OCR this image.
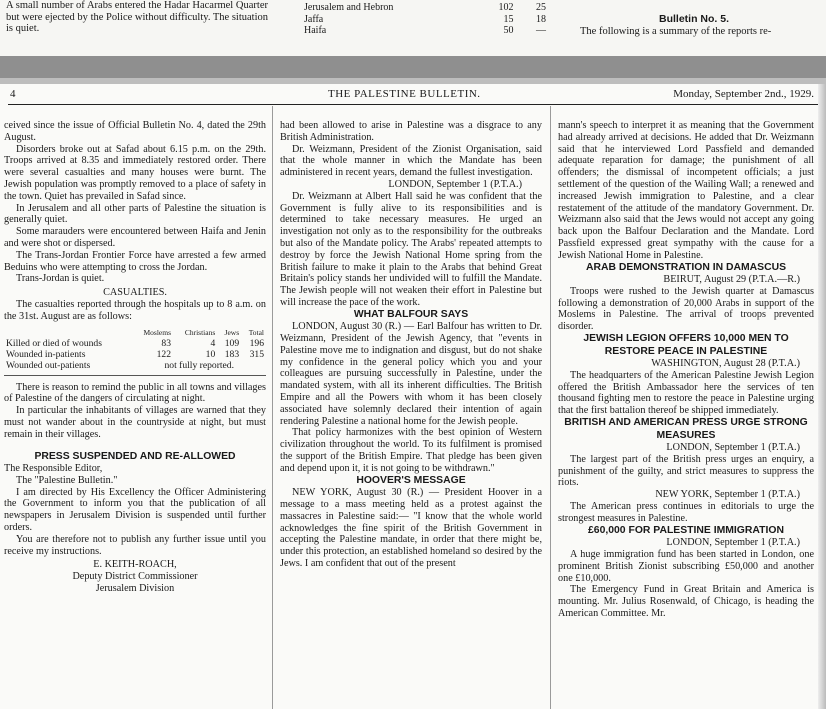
A small number of Arabs entered the Hadar Hacarmel Quarter but were ejected by the Police without difficulty. The situation is quiet.

Jerusalem and Hebron	102	25
Jaffa	15	18
Haifa	50	—

Bulletin No. 5.

The following is a summary of the reports re-

4	THE PALESTINE BULLETIN.	Monday, September 2nd., 1929.

ceived since the issue of Official Bulletin No. 4, dated the 29th August.

Disorders broke out at Safad about 6.15 p.m. on the 29th. Troops arrived at 8.35 and immediately restored order. There were several casualties and many houses were burnt. The Jewish population was promptly removed to a place of safety in the town. Quiet has prevailed in Safad since.

In Jerusalem and all other parts of Palestine the situation is generally quiet.

Some marauders were encountered between Haifa and Jenin and were shot or dispersed.

The Trans-Jordan Frontier Force have arrested a few armed Beduins who were attempting to cross the Jordan.

Trans-Jordan is quiet.

CASUALTIES.

The casualties reported through the hospitals up to 8 a.m. on the 31st. August are as follows:

	Moslems	Christians	Jews	Total
Killed or died of wounds	83	4	109	196
Wounded in-patients	122	10	183	315
Wounded out-patients	not fully reported.			

There is reason to remind the public in all towns and villages of Palestine of the dangers of circulating at night.

In particular the inhabitants of villages are warned that they must not wander about in the countryside at night, but must remain in their villages.

PRESS SUSPENDED AND RE-ALLOWED

The Responsible Editor,

The "Palestine Bulletin."

I am directed by His Excellency the Officer Administering the Government to inform you that the publication of all newspapers in Jerusalem Division is suspended until further orders.

You are therefore not to publish any further issue until you receive my instructions.

E. KEITH-ROACH,

Deputy District Commissioner

Jerusalem Division

had been allowed to arise in Palestine was a disgrace to any British Administration.

Dr. Weizmann, President of the Zionist Organisation, said that the whole manner in which the Mandate has been administered in recent years, demand the fullest investigation.

LONDON, September 1 (P.T.A.)

Dr. Weizmann at Albert Hall said he was confident that the Government is fully alive to its responsibilities and is determined to take necessary measures. He urged an investigation not only as to the responsibility for the outbreaks but also of the Mandate policy. The Arabs' repeated attempts to destroy by force the Jewish National Home spring from the British failure to make it plain to the Arabs that behind Great Britain's policy stands her undivided will to fulfill the Mandate. The Jewish people will not weaken their effort in Palestine but will increase the pace of the work.

WHAT BALFOUR SAYS

LONDON, August 30 (R.) — Earl Balfour has written to Dr. Weizmann, President of the Jewish Agency, that "events in Palestine move me to indignation and disgust, but do not shake my confidence in the general policy which you and your colleagues are pursuing successfully in Palestine, under the mandated system, with all its inherent difficulties. The British Empire and all the Powers with whom it has been closely associated have solemnly declared their intention of again rendering Palestine a national home for the Jewish people.

That policy harmonizes with the best opinion of Western civilization throughout the world. To its fulfilment is promised the support of the British Empire. That pledge has been given and depend upon it, it is not going to be withdrawn."

HOOVER'S MESSAGE

NEW YORK, August 30 (R.) — President Hoover in a message to a mass meeting held as a protest against the massacres in Palestine said:— "I know that the whole world acknowledges the fine spirit of the British Government in accepting the Palestine mandate, in order that there might be, under this protection, an established homeland so desired by the Jews. I am confident that out of the present

mann's speech to interpret it as meaning that the Government had already arrived at decisions. He added that Dr. Weizmann said that he interviewed Lord Passfield and demanded adequate reparation for damage; the punishment of all offenders; the dismissal of incompetent officials; a just settlement of the question of the Wailing Wall; a renewed and increased Jewish immigration to Palestine, and a clear restatement of the attitude of the mandatory Government. Dr. Weizmann also said that the Jews would not accept any going back upon the Balfour Declaration and the Mandate. Lord Passfield expressed great sympathy with the cause for a Jewish National Home in Palestine.

ARAB DEMONSTRATION IN DAMASCUS

BEIRUT, August 29 (P.T.A.—R.)

Troops were rushed to the Jewish quarter at Damascus following a demonstration of 20,000 Arabs in support of the Moslems in Palestine. The arrival of troops prevented disorder.

JEWISH LEGION OFFERS 10,000 MEN TO RESTORE PEACE IN PALESTINE

WASHINGTON, August 28 (P.T.A.)

The headquarters of the American Palestine Jewish Legion offered the British Ambassador here the services of ten thousand fighting men to restore the peace in Palestine urging that the first battalion thereof be shipped immediately.

BRITISH AND AMERICAN PRESS URGE STRONG MEASURES

LONDON, September 1 (P.T.A.)

The largest part of the British press urges an enquiry, a punishment of the guilty, and strict measures to suppress the riots.

NEW YORK, September 1 (P.T.A.)

The American press continues in editorials to urge the strongest measures in Palestine.

£60,000 FOR PALESTINE IMMIGRATION

LONDON, September 1 (P.T.A.)

A huge immigration fund has been started in London, one prominent British Zionist subscribing £50,000 and another one £10,000.

The Emergency Fund in Great Britain and America is mounting. Mr. Julius Rosenwald, of Chicago, is heading the American Committee. Mr.
